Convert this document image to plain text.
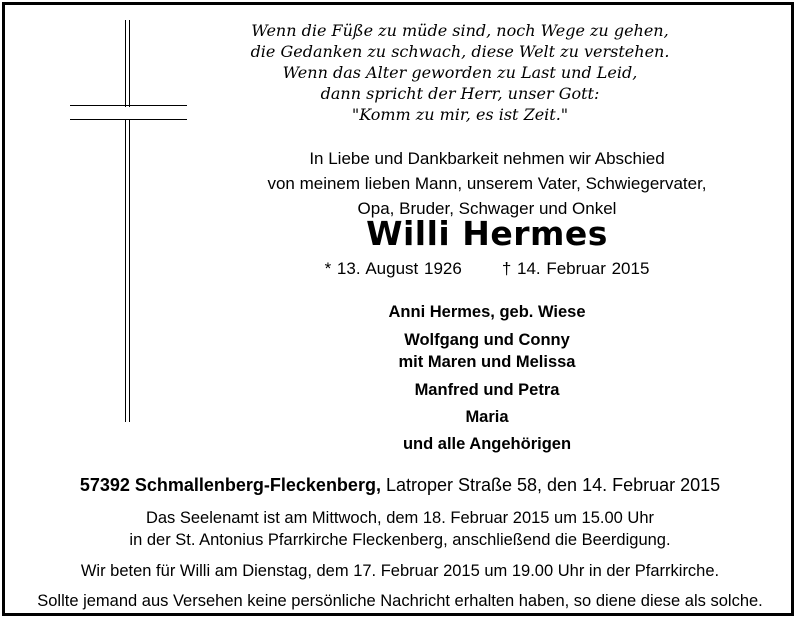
Wenn die Füße zu müde sind, noch Wege zu gehen,
die Gedanken zu schwach, diese Welt zu verstehen.
Wenn das Alter geworden zu Last und Leid,
dann spricht der Herr, unser Gott:
"Komm zu mir, es ist Zeit."
In Liebe und Dankbarkeit nehmen wir Abschied
von meinem lieben Mann, unserem Vater, Schwiegervater,
Opa, Bruder, Schwager und Onkel
Willi Hermes
* 13. August 1926 † 14. Februar 2015
Anni Hermes, geb. Wiese
Wolfgang und Conny
mit Maren und Melissa
Manfred und Petra
Maria
und alle Angehörigen
57392 Schmallenberg-Fleckenberg, Latroper Straße 58, den 14. Februar 2015
Das Seelenamt ist am Mittwoch, dem 18. Februar 2015 um 15.00 Uhr
in der St. Antonius Pfarrkirche Fleckenberg, anschließend die Beerdigung.
Wir beten für Willi am Dienstag, dem 17. Februar 2015 um 19.00 Uhr in der Pfarrkirche.
Sollte jemand aus Versehen keine persönliche Nachricht erhalten haben, so diene diese als solche.
